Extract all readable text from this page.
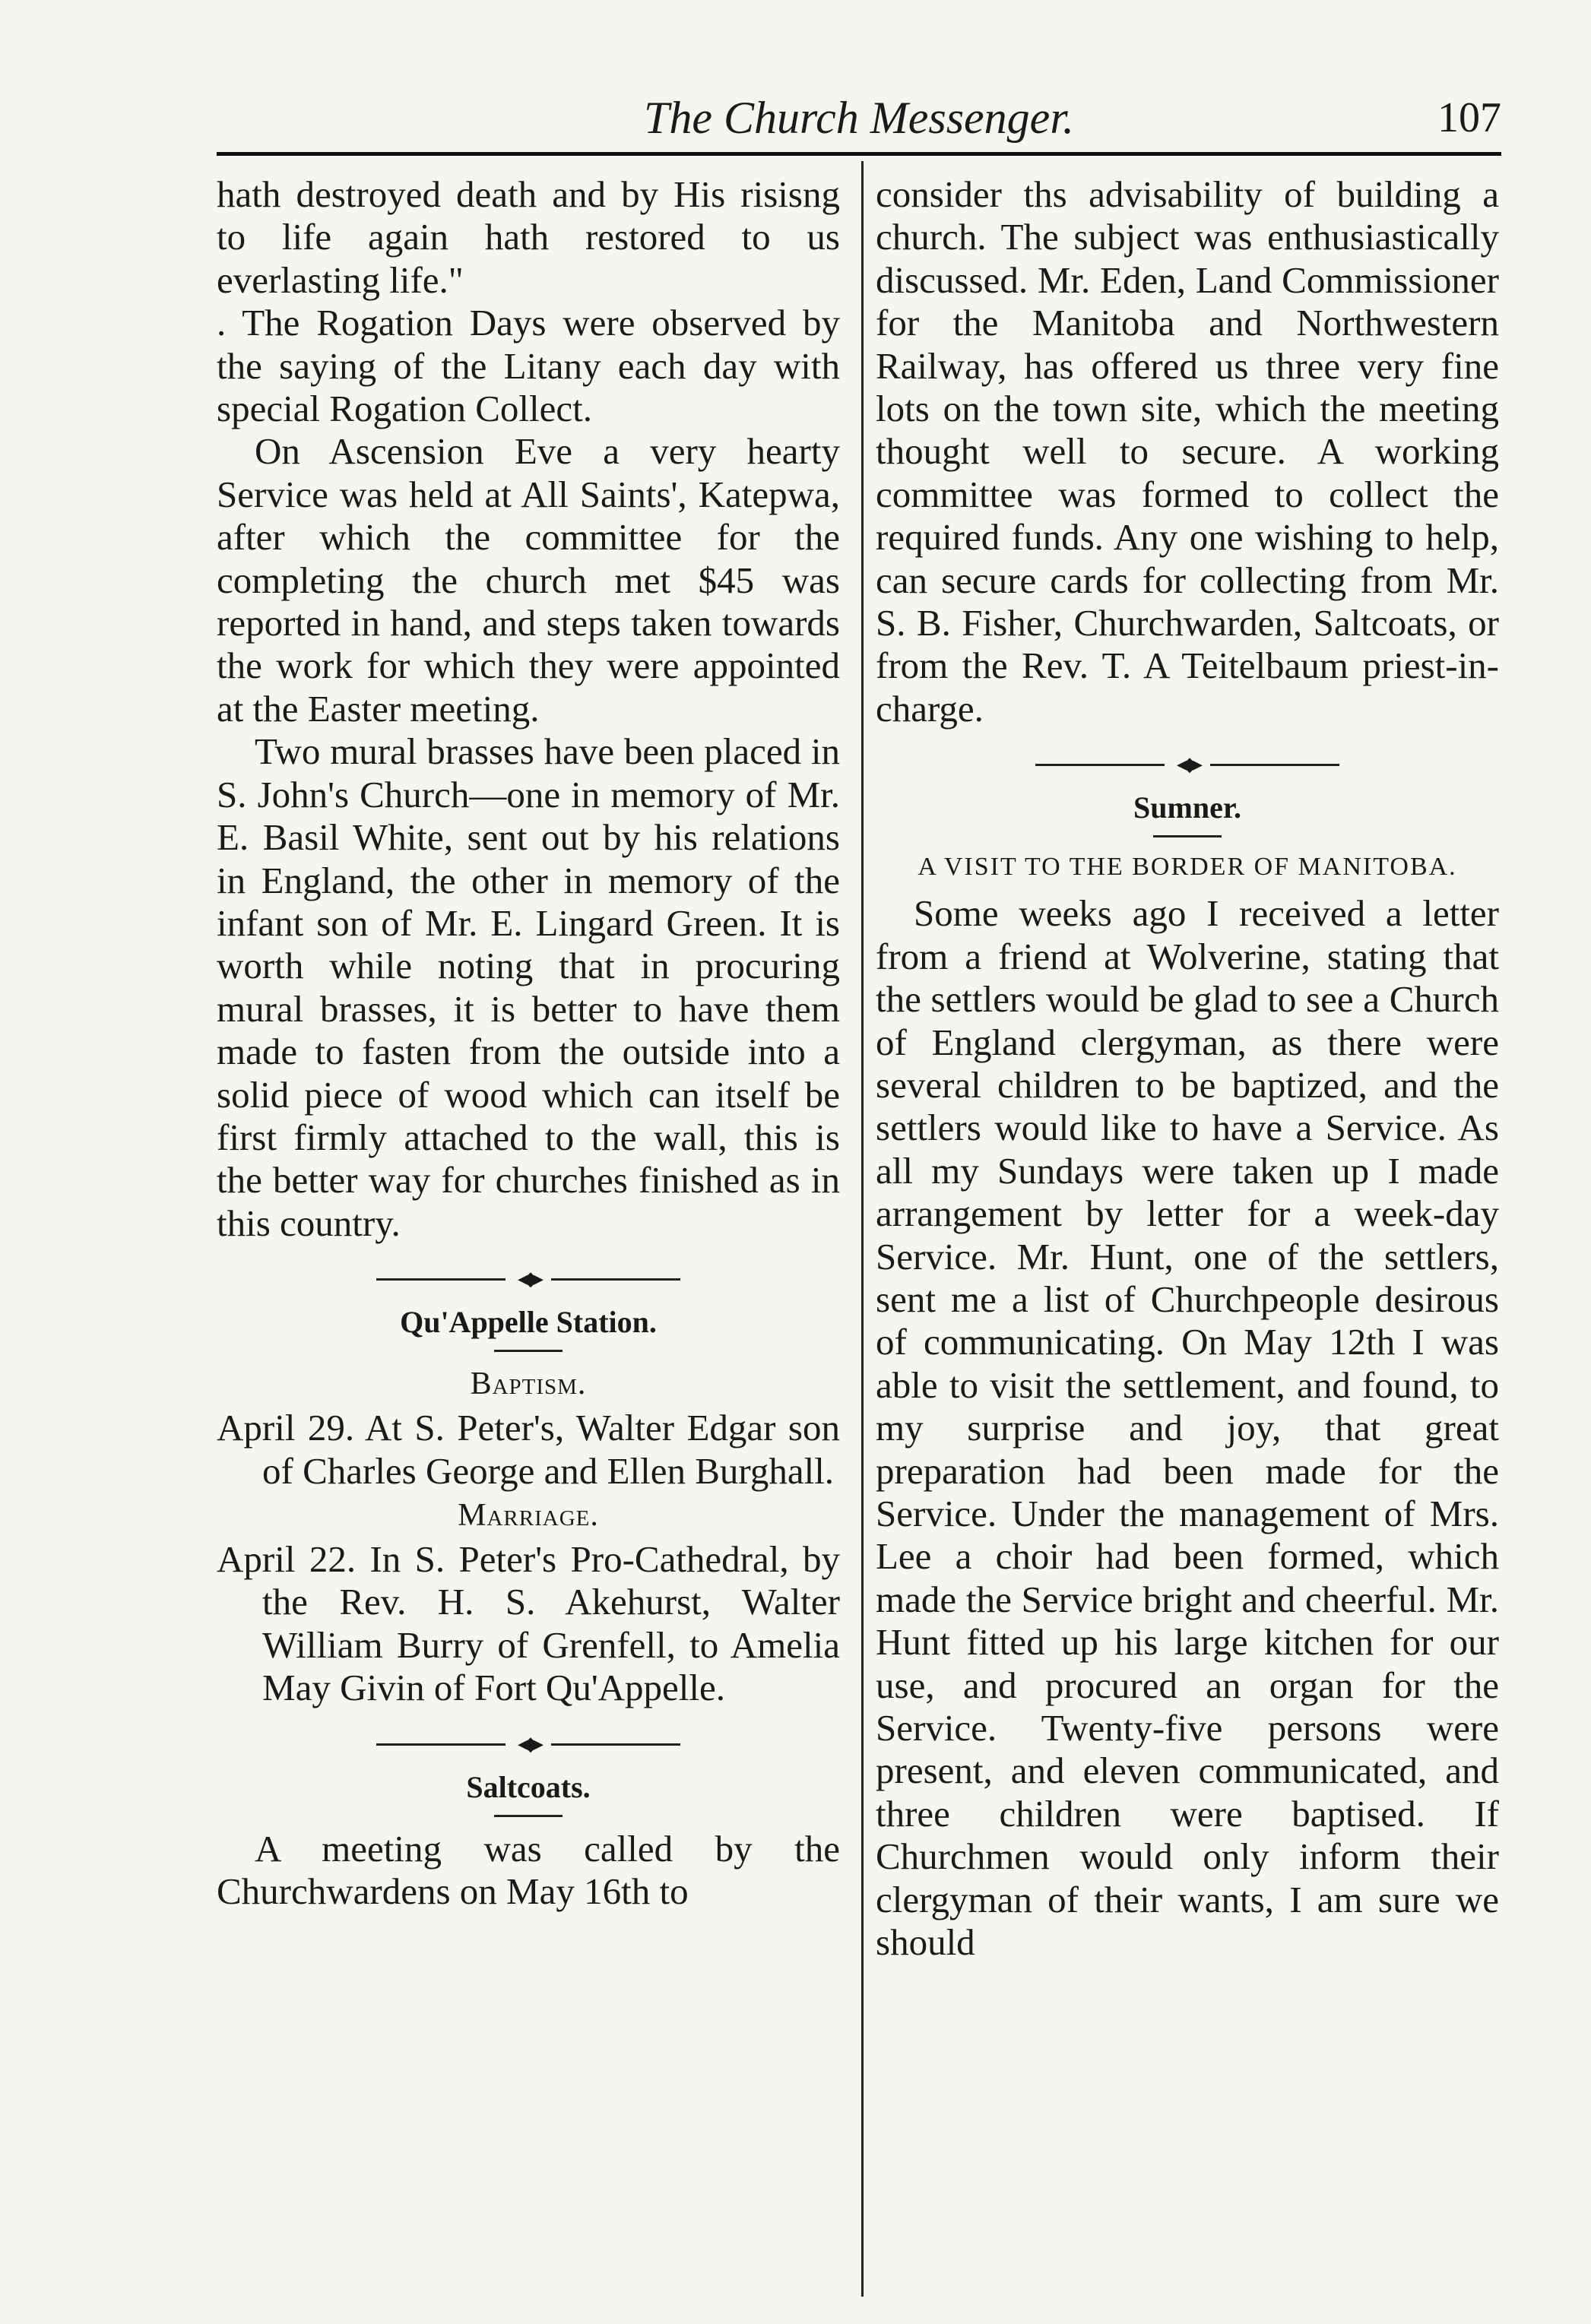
The Church Messenger.	107

hath destroyed death and by His risisng to life again hath restored to us everlasting life."

. The Rogation Days were observed by the saying of the Litany each day with special Rogation Collect.

On Ascension Eve a very hearty Service was held at All Saints', Katepwa, after which the committee for the completing the church met $45 was reported in hand, and steps taken towards the work for which they were appointed at the Easter meeting.

Two mural brasses have been placed in S. John's Church—one in memory of Mr. E. Basil White, sent out by his relations in England, the other in memory of the infant son of Mr. E. Lingard Green. It is worth while noting that in procuring mural brasses, it is better to have them made to fasten from the outside into a solid piece of wood which can itself be first firmly attached to the wall, this is the better way for churches finished as in this country.

◂◆▸
Qu'Appelle Station.
Baptism.

April 29. At S. Peter's, Walter Edgar son of Charles George and Ellen Burghall.

Marriage.

April 22. In S. Peter's Pro-Cathedral, by the Rev. H. S. Akehurst, Walter William Burry of Grenfell, to Amelia May Givin of Fort Qu'Appelle.

◂◆▸
Saltcoats.

A meeting was called by the Churchwardens on May 16th to

consider ths advisability of building a church. The subject was enthusiastically discussed. Mr. Eden, Land Commissioner for the Manitoba and Northwestern Railway, has offered us three very fine lots on the town site, which the meeting thought well to secure. A working committee was formed to collect the required funds. Any one wishing to help, can secure cards for collecting from Mr. S. B. Fisher, Churchwarden, Saltcoats, or from the Rev. T. A Teitelbaum priest-in-charge.

◂◆▸
Sumner.
A VISIT TO THE BORDER OF MANITOBA.

Some weeks ago I received a letter from a friend at Wolverine, stating that the settlers would be glad to see a Church of England clergyman, as there were several children to be baptized, and the settlers would like to have a Service. As all my Sundays were taken up I made arrangement by letter for a week-day Service. Mr. Hunt, one of the settlers, sent me a list of Churchpeople desirous of communicating. On May 12th I was able to visit the settlement, and found, to my surprise and joy, that great preparation had been made for the Service. Under the management of Mrs. Lee a choir had been formed, which made the Service bright and cheerful. Mr. Hunt fitted up his large kitchen for our use, and procured an organ for the Service. Twenty-five persons were present, and eleven communicated, and three children were baptised. If Churchmen would only inform their clergyman of their wants, I am sure we should
